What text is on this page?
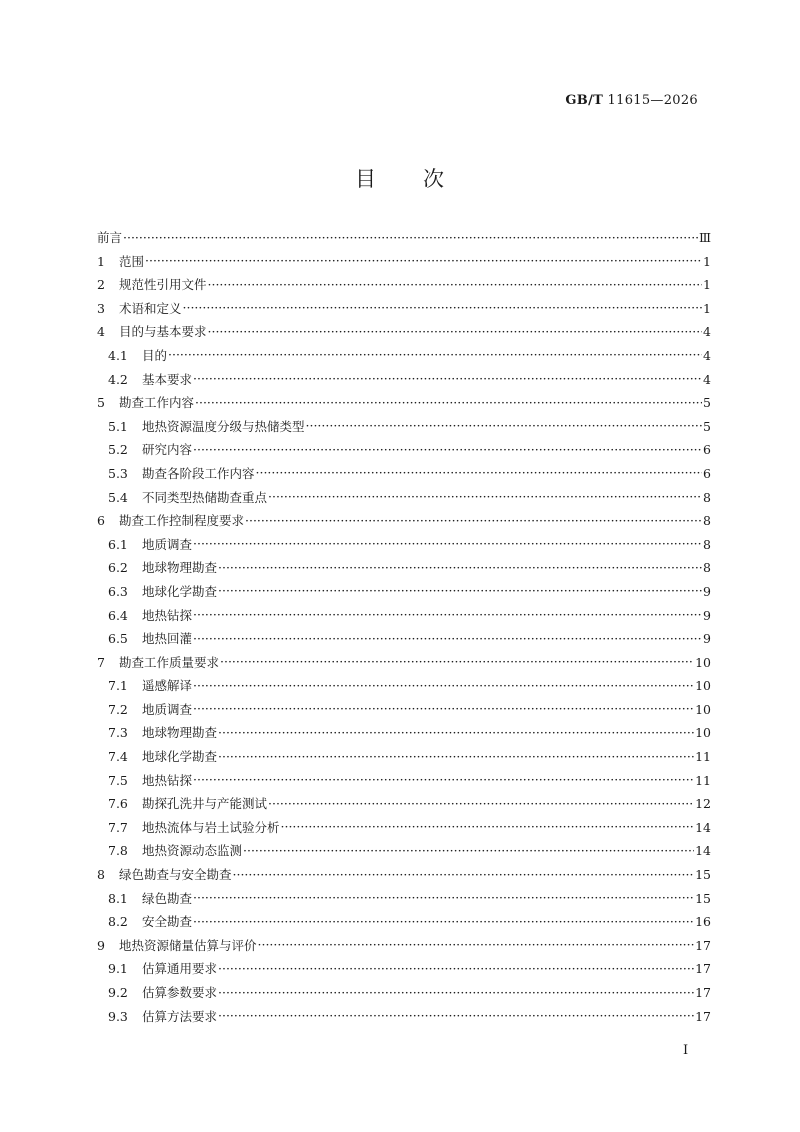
GB/T 11615—2026
目 次
前言 ·····	Ⅲ
1	范围 ·····	1
2	规范性引用文件 ·····	1
3	术语和定义 ·····	1
4	目的与基本要求 ·····	4
4.1	目的 ·····	4
4.2	基本要求 ·····	4
5	勘查工作内容 ·····	5
5.1	地热资源温度分级与热储类型 ·····	5
5.2	研究内容 ·····	6
5.3	勘查各阶段工作内容 ·····	6
5.4	不同类型热储勘查重点 ·····	8
6	勘查工作控制程度要求 ·····	8
6.1	地质调查 ·····	8
6.2	地球物理勘查 ·····	8
6.3	地球化学勘查 ·····	9
6.4	地热钻探 ·····	9
6.5	地热回灌 ·····	9
7	勘查工作质量要求 ·····	10
7.1	遥感解译 ·····	10
7.2	地质调查 ·····	10
7.3	地球物理勘查 ·····	10
7.4	地球化学勘查 ·····	11
7.5	地热钻探 ·····	11
7.6	勘探孔洗井与产能测试 ·····	12
7.7	地热流体与岩土试验分析 ·····	14
7.8	地热资源动态监测 ·····	14
8	绿色勘查与安全勘查 ·····	15
8.1	绿色勘查 ·····	15
8.2	安全勘查 ·····	16
9	地热资源储量估算与评价 ·····	17
9.1	估算通用要求 ·····	17
9.2	估算参数要求 ·····	17
9.3	估算方法要求 ·····	17
I
